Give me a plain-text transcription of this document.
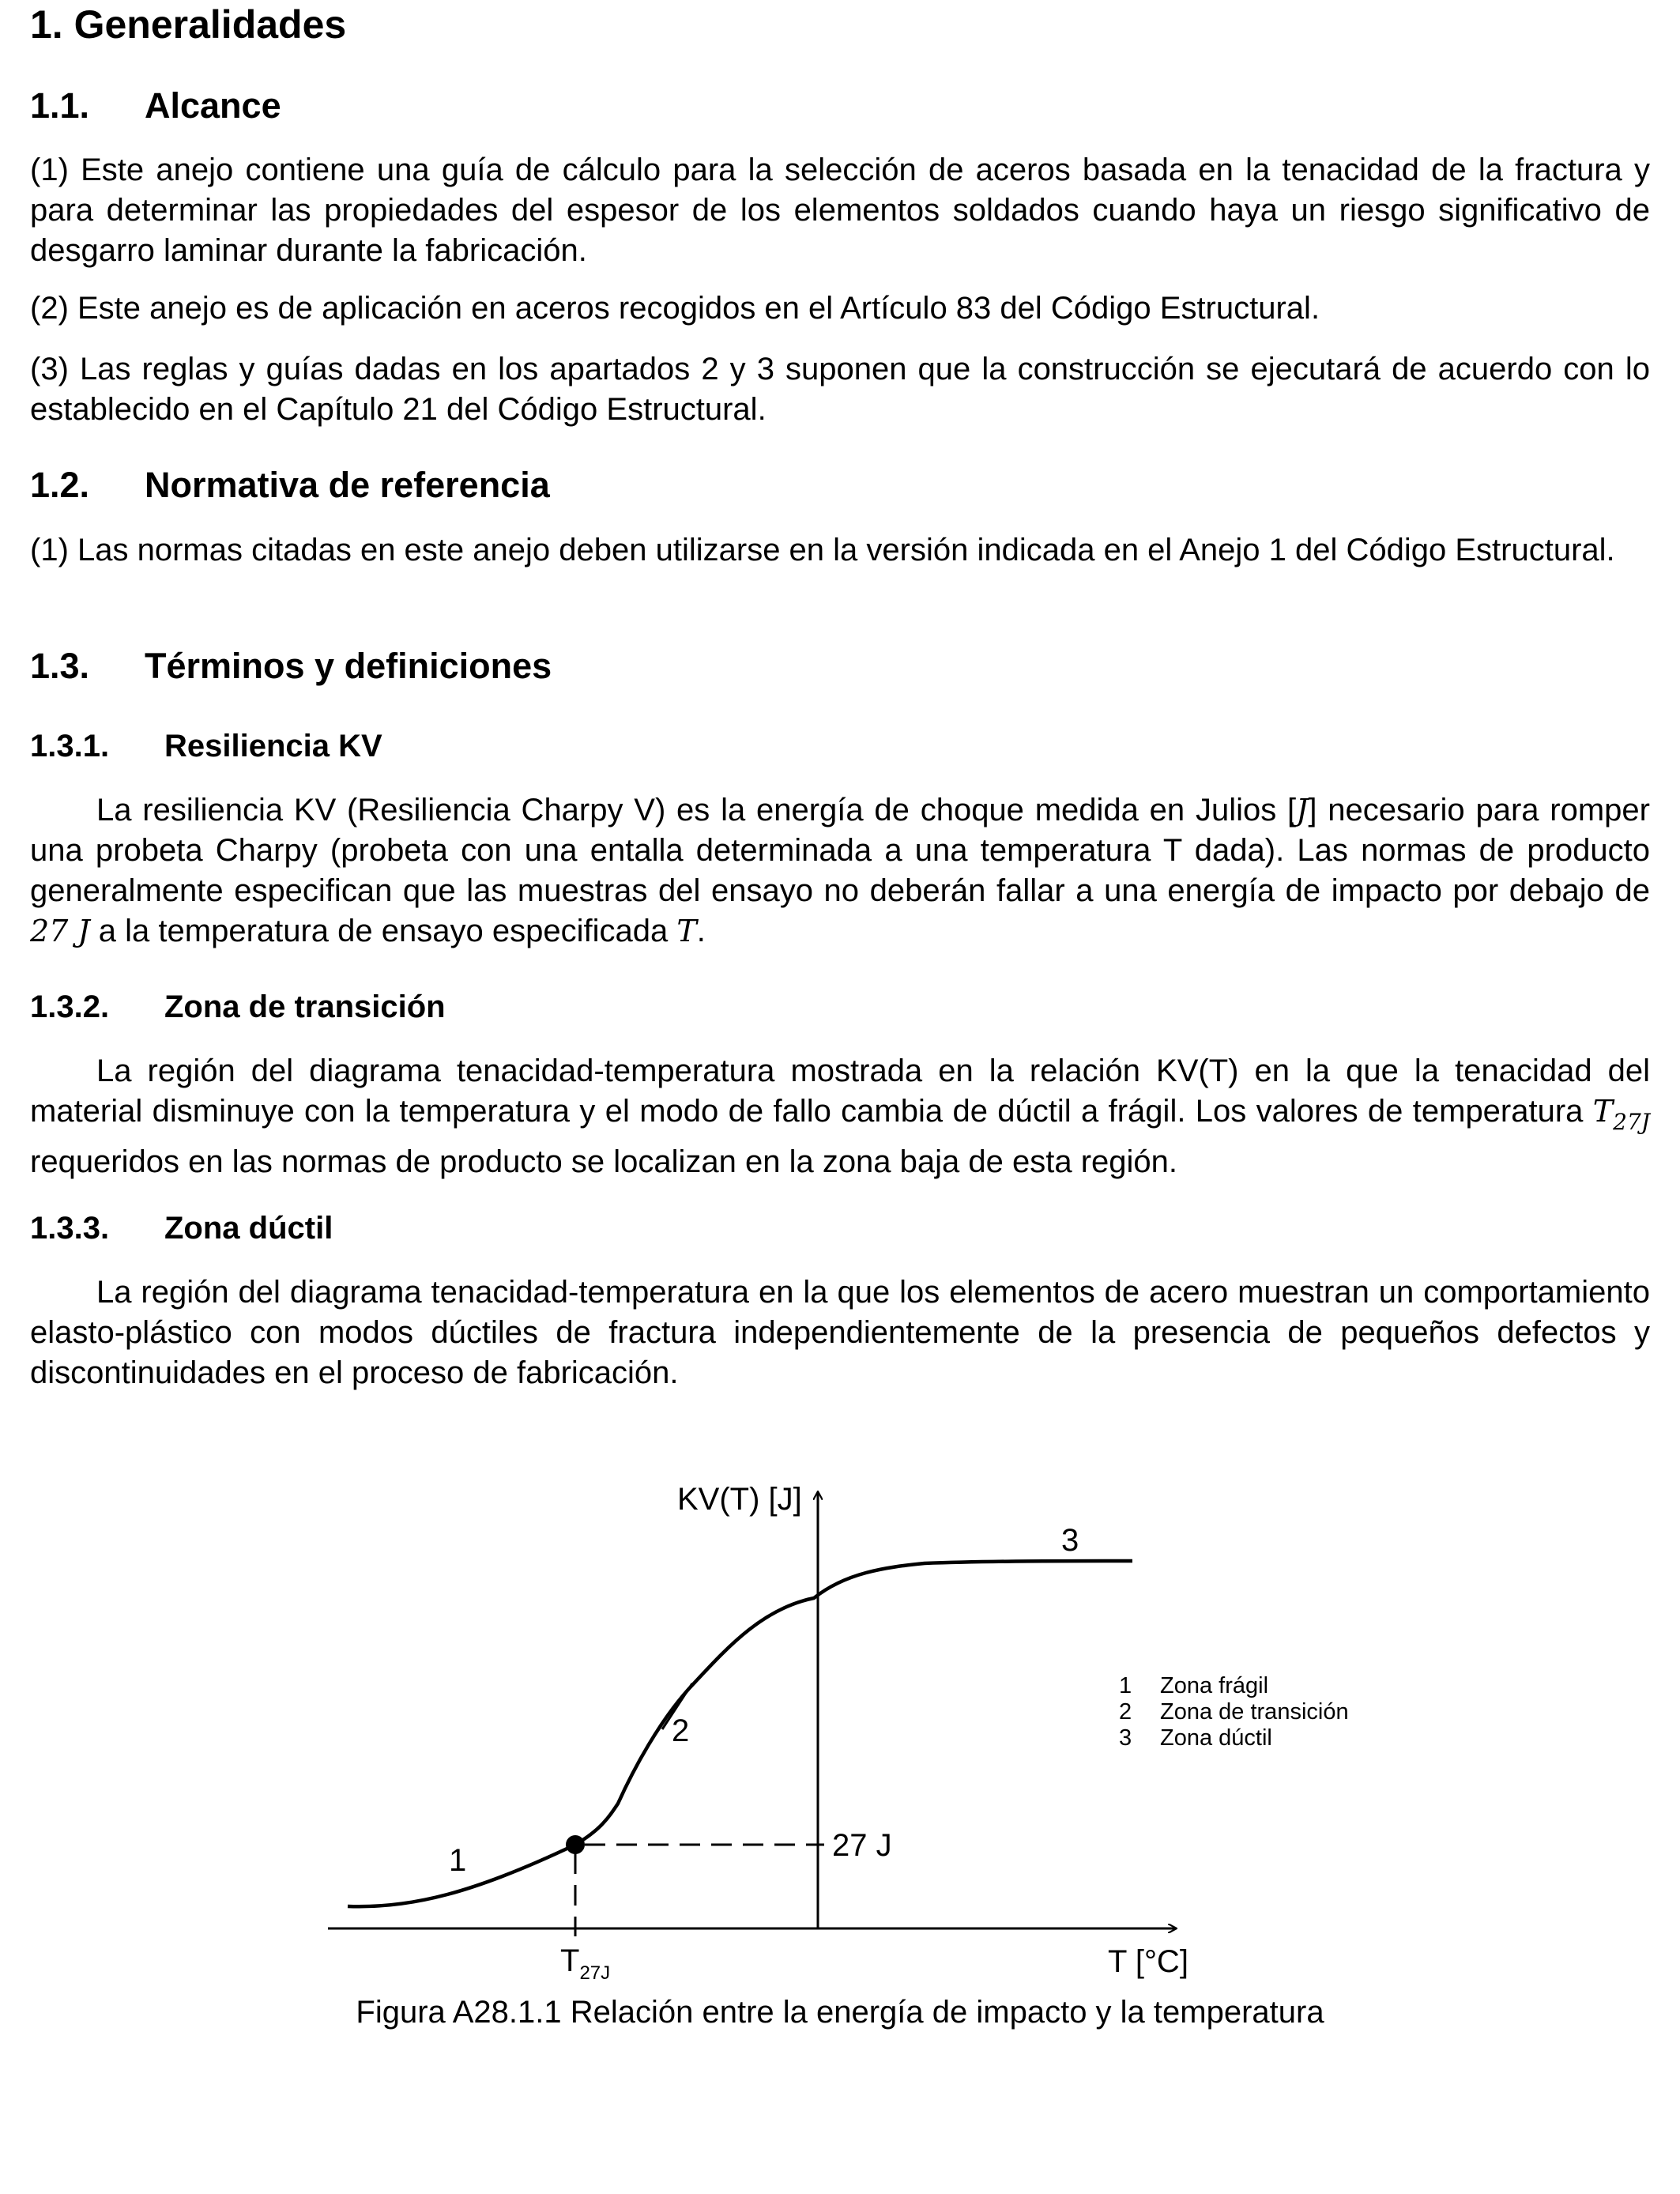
1. Generalidades
1.1. Alcance

(1) Este anejo contiene una guía de cálculo para la selección de aceros basada en la tenacidad de la fractura y para determinar las propiedades del espesor de los elementos soldados cuando haya un riesgo significativo de desgarro laminar durante la fabricación.

(2) Este anejo es de aplicación en aceros recogidos en el Artículo 83 del Código Estructural.

(3) Las reglas y guías dadas en los apartados 2 y 3 suponen que la construcción se ejecutará de acuerdo con lo establecido en el Capítulo 21 del Código Estructural.

1.2. Normativa de referencia

(1) Las normas citadas en este anejo deben utilizarse en la versión indicada en el Anejo 1 del Código Estructural.

1.3. Términos y definiciones
1.3.1. Resiliencia KV

La resiliencia KV (Resiliencia Charpy V) es la energía de choque medida en Julios [J] necesario para romper una probeta Charpy (probeta con una entalla determinada a una temperatura T dada). Las normas de producto generalmente especifican que las muestras del ensayo no deberán fallar a una energía de impacto por debajo de 27 J a la temperatura de ensayo especificada T.

1.3.2. Zona de transición

La región del diagrama tenacidad-temperatura mostrada en la relación KV(T) en la que la tenacidad del material disminuye con la temperatura y el modo de fallo cambia de dúctil a frágil. Los valores de temperatura $T_{27J}$ requeridos en las normas de producto se localizan en la zona baja de esta región.

1.3.3. Zona dúctil

La región del diagrama tenacidad-temperatura en la que los elementos de acero muestran un comportamiento elasto-plástico con modos dúctiles de fractura independientemente de la presencia de pequeños defectos y discontinuidades en el proceso de fabricación.

KV(T) [J]
T [°C]
27 J
$T_{27J}$
1
2
3
1 Zona frágil
2 Zona de transición
3 Zona dúctil
Figura A28.1.1 Relación entre la energía de impacto y la temperatura
